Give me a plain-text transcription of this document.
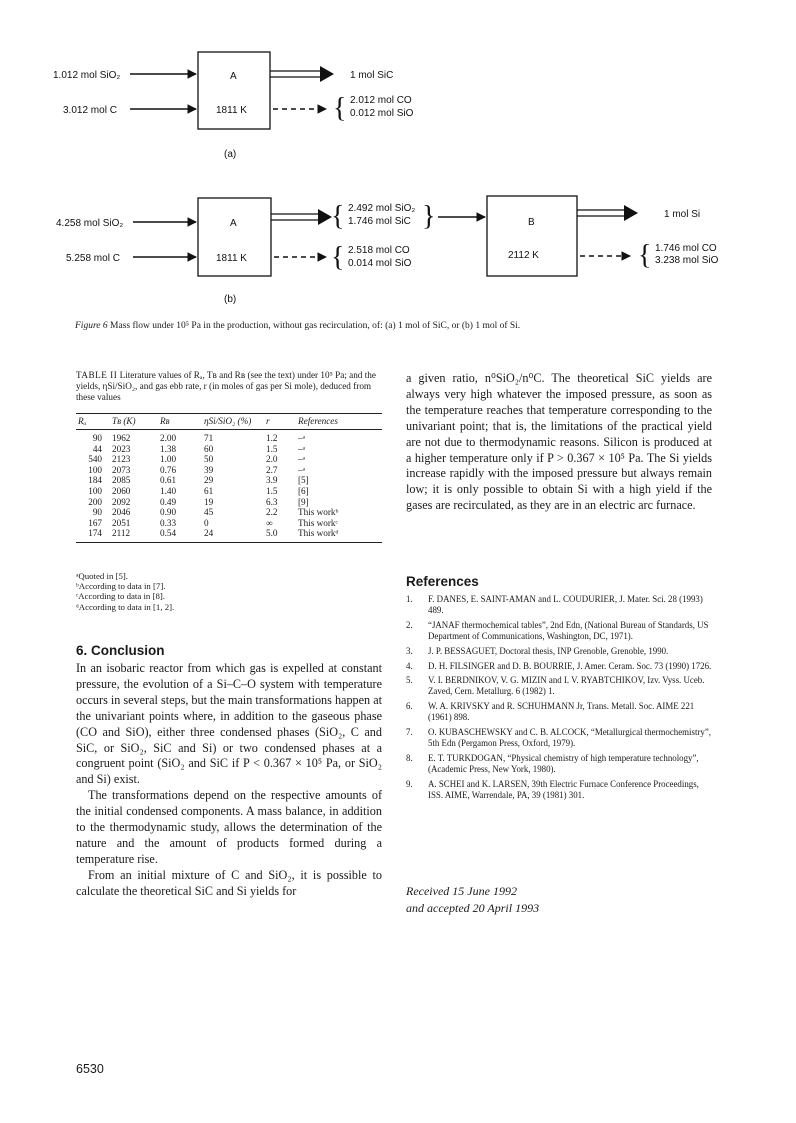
1.012 mol SiO₂
3.012 mol C
A
1811 K
1 mol SiC
{ 2.012 mol CO
0.012 mol SiO
(a)
4.258 mol SiO₂
5.258 mol C
A
1811 K
{ 2.492 mol SiO₂
1.746 mol SiC }
{ 2.518 mol CO
0.014 mol SiO
B
2112 K
1 mol Si
{ 1.746 mol CO
3.238 mol SiO
(b)
Figure 6 Mass flow under 10⁵ Pa in the production, without gas recirculation, of: (a) 1 mol of SiC, or (b) 1 mol of Si.
TABLE II Literature values of Rₐ, Tʙ and Rʙ (see the text) under 10⁵ Pa; and the yields, ηSi/SiO₂, and gas ebb rate, r (in moles of gas per Si mole), deduced from these values
Rₐ	Tʙ (K)	Rʙ	ηSi/SiO₂ (%)	r	References
90	1962	2.00	71	1.2	–ᵃ
44	2023	1.38	60	1.5	–ᵃ
540	2123	1.00	50	2.0	–ᵃ
100	2073	0.76	39	2.7	–ᵃ
184	2085	0.61	29	3.9	[5]
100	2060	1.40	61	1.5	[6]
200	2092	0.49	19	6.3	[9]
90	2046	0.90	45	2.2	This workᵇ
167	2051	0.33	0	∞	This workᶜ
174	2112	0.54	24	5.0	This workᵈ
ᵃQuoted in [5].
ᵇAccording to data in [7].
ᶜAccording to data in [8].
ᵈAccording to data in [1, 2].
6. Conclusion

In an isobaric reactor from which gas is expelled at constant pressure, the evolution of a Si–C–O system with temperature occurs in several steps, but the main transformations happen at the univariant points where, in addition to the gaseous phase (CO and SiO), either three condensed phases (SiO₂, C and SiC, or SiO₂, SiC and Si) or two condensed phases at a congruent point (SiO₂ and SiC if P < 0.367 × 10⁵ Pa, or SiO₂ and Si) exist.

The transformations depend on the respective amounts of the initial condensed components. A mass balance, in addition to the thermodynamic study, allows the determination of the nature and the amount of products formed during a temperature rise.

From an initial mixture of C and SiO₂, it is possible to calculate the theoretical SiC and Si yields for

a given ratio, n⁰SiO₂/n⁰C. The theoretical SiC yields are always very high whatever the imposed pressure, as soon as the temperature reaches that temperature corresponding to the univariant point; that is, the limitations of the practical yield are not due to thermodynamic reasons. Silicon is produced at a higher temperature only if P > 0.367 × 10⁵ Pa. The Si yields increase rapidly with the imposed pressure but always remain low; it is only possible to obtain Si with a high yield if the gases are recirculated, as they are in an electric arc furnace.

References
1. F. DANES, E. SAINT-AMAN and L. COUDURIER, J. Mater. Sci. 28 (1993) 489.
2. “JANAF thermochemical tables”, 2nd Edn, (National Bureau of Standards, US Department of Communications, Washington, DC, 1971).
3. J. P. BESSAGUET, Doctoral thesis, INP Grenoble, Grenoble, 1990.
4. D. H. FILSINGER and D. B. BOURRIE, J. Amer. Ceram. Soc. 73 (1990) 1726.
5. V. I. BERDNIKOV, V. G. MIZIN and I. V. RYABTCHIKOV, Izv. Vyss. Uceb. Zaved, Cern. Metallurg. 6 (1982) 1.
6. W. A. KRIVSKY and R. SCHUHMANN Jr, Trans. Metall. Soc. AIME 221 (1961) 898.
7. O. KUBASCHEWSKY and C. B. ALCOCK, “Metallurgical thermochemistry”, 5th Edn (Pergamon Press, Oxford, 1979).
8. E. T. TURKDOGAN, “Physical chemistry of high temperature technology”, (Academic Press, New York, 1980).
9. A. SCHEI and K. LARSEN, 39th Electric Furnace Conference Proceedings, ISS. AIME, Warrendale, PA, 39 (1981) 301.
Received 15 June 1992
and accepted 20 April 1993
6530
